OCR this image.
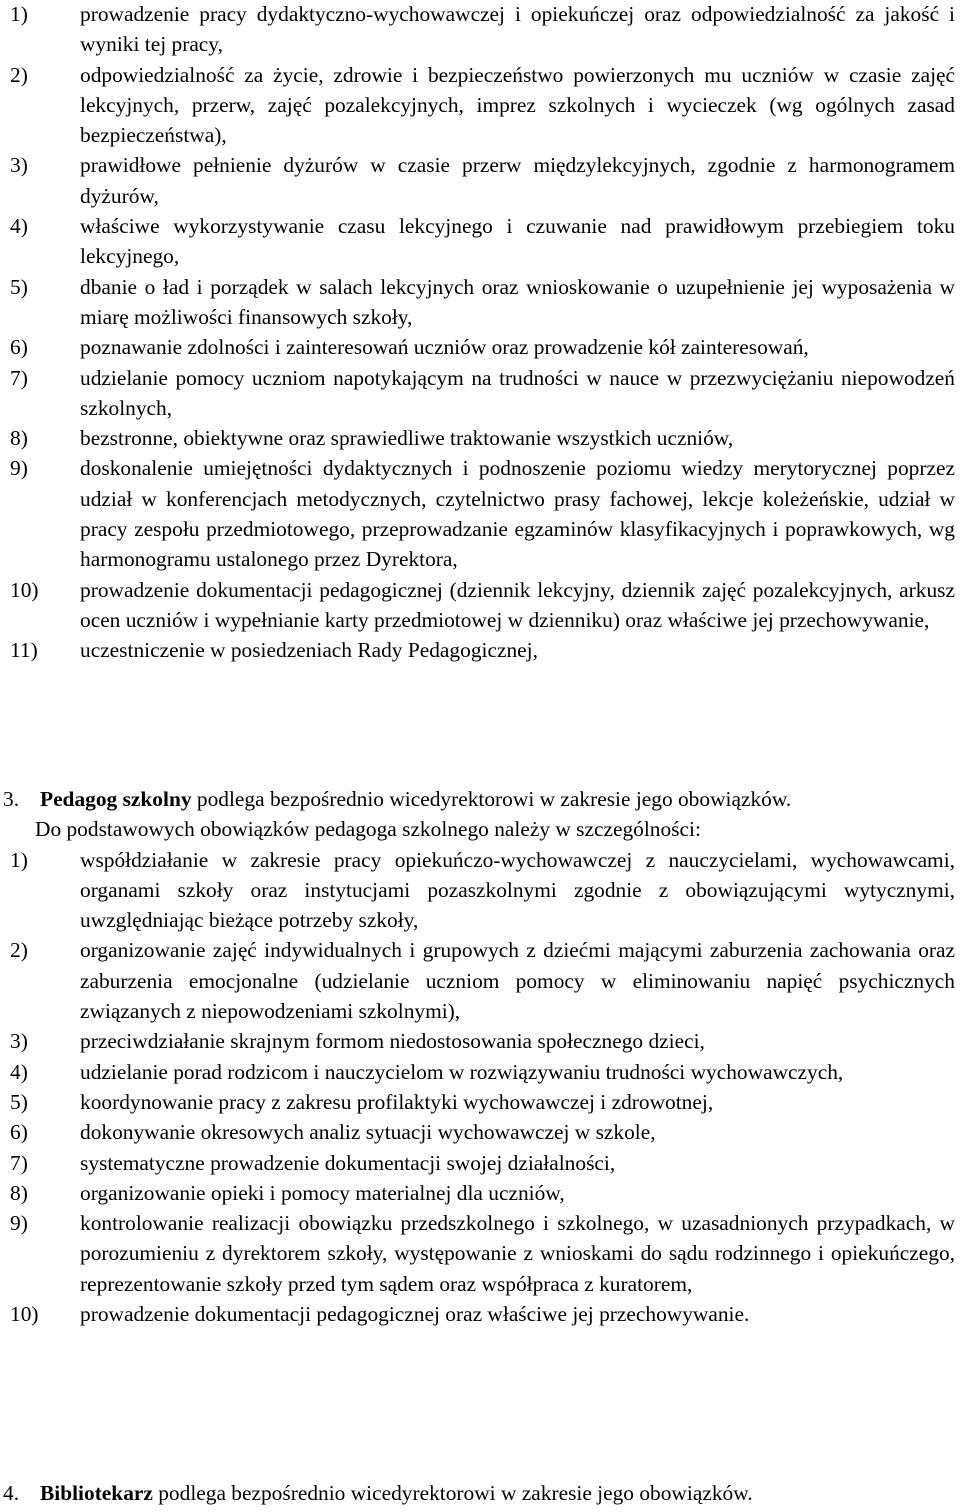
1) prowadzenie pracy dydaktyczno-wychowawczej i opiekuńczej oraz odpowiedzialność za jakość i wyniki tej pracy,
2) odpowiedzialność za życie, zdrowie i bezpieczeństwo powierzonych mu uczniów w czasie zajęć lekcyjnych, przerw, zajęć pozalekcyjnych, imprez szkolnych i wycieczek (wg ogólnych zasad bezpieczeństwa),
3) prawidłowe pełnienie dyżurów w czasie przerw międzylekcyjnych, zgodnie z harmonogramem dyżurów,
4) właściwe wykorzystywanie czasu lekcyjnego i czuwanie nad prawidłowym przebiegiem toku lekcyjnego,
5) dbanie o ład i porządek w salach lekcyjnych oraz wnioskowanie o uzupełnienie jej wyposażenia w miarę możliwości finansowych szkoły,
6) poznawanie zdolności i zainteresowań uczniów oraz prowadzenie kół zainteresowań,
7) udzielanie pomocy uczniom napotykającym na trudności w nauce w przezwyciężaniu niepowodzeń szkolnych,
8) bezstronne, obiektywne oraz sprawiedliwe traktowanie wszystkich uczniów,
9) doskonalenie umiejętności dydaktycznych i podnoszenie poziomu wiedzy merytorycznej poprzez udział w konferencjach metodycznych, czytelnictwo prasy fachowej, lekcje koleżeńskie, udział w pracy zespołu przedmiotowego, przeprowadzanie egzaminów klasyfikacyjnych i poprawkowych, wg harmonogramu ustalonego przez Dyrektora,
10) prowadzenie dokumentacji pedagogicznej (dziennik lekcyjny, dziennik zajęć pozalekcyjnych, arkusz ocen uczniów i wypełnianie karty przedmiotowej w dzienniku) oraz właściwe jej przechowywanie,
11) uczestniczenie w posiedzeniach Rady Pedagogicznej,
3. Pedagog szkolny podlega bezpośrednio wicedyrektorowi w zakresie jego obowiązków.
Do podstawowych obowiązków pedagoga szkolnego należy w szczególności:
1) współdziałanie w zakresie pracy opiekuńczo-wychowawczej z nauczycielami, wychowawcami, organami szkoły oraz instytucjami pozaszkolnymi zgodnie z obowiązującymi wytycznymi, uwzględniając bieżące potrzeby szkoły,
2) organizowanie zajęć indywidualnych i grupowych z dziećmi mającymi zaburzenia zachowania oraz zaburzenia emocjonalne (udzielanie uczniom pomocy w eliminowaniu napięć psychicznych związanych z niepowodzeniami szkolnymi),
3) przeciwdziałanie skrajnym formom niedostosowania społecznego dzieci,
4) udzielanie porad rodzicom i nauczycielom w rozwiązywaniu trudności wychowawczych,
5) koordynowanie pracy z zakresu profilaktyki wychowawczej i zdrowotnej,
6) dokonywanie okresowych analiz sytuacji wychowawczej w szkole,
7) systematyczne prowadzenie dokumentacji swojej działalności,
8) organizowanie opieki i pomocy materialnej dla uczniów,
9) kontrolowanie realizacji obowiązku przedszkolnego i szkolnego, w uzasadnionych przypadkach, w porozumieniu z dyrektorem szkoły, występowanie z wnioskami do sądu rodzinnego i opiekuńczego, reprezentowanie szkoły przed tym sądem oraz współpraca z kuratorem,
10) prowadzenie dokumentacji pedagogicznej oraz właściwe jej przechowywanie.
4. Bibliotekarz podlega bezpośrednio wicedyrektorowi w zakresie jego obowiązków.
